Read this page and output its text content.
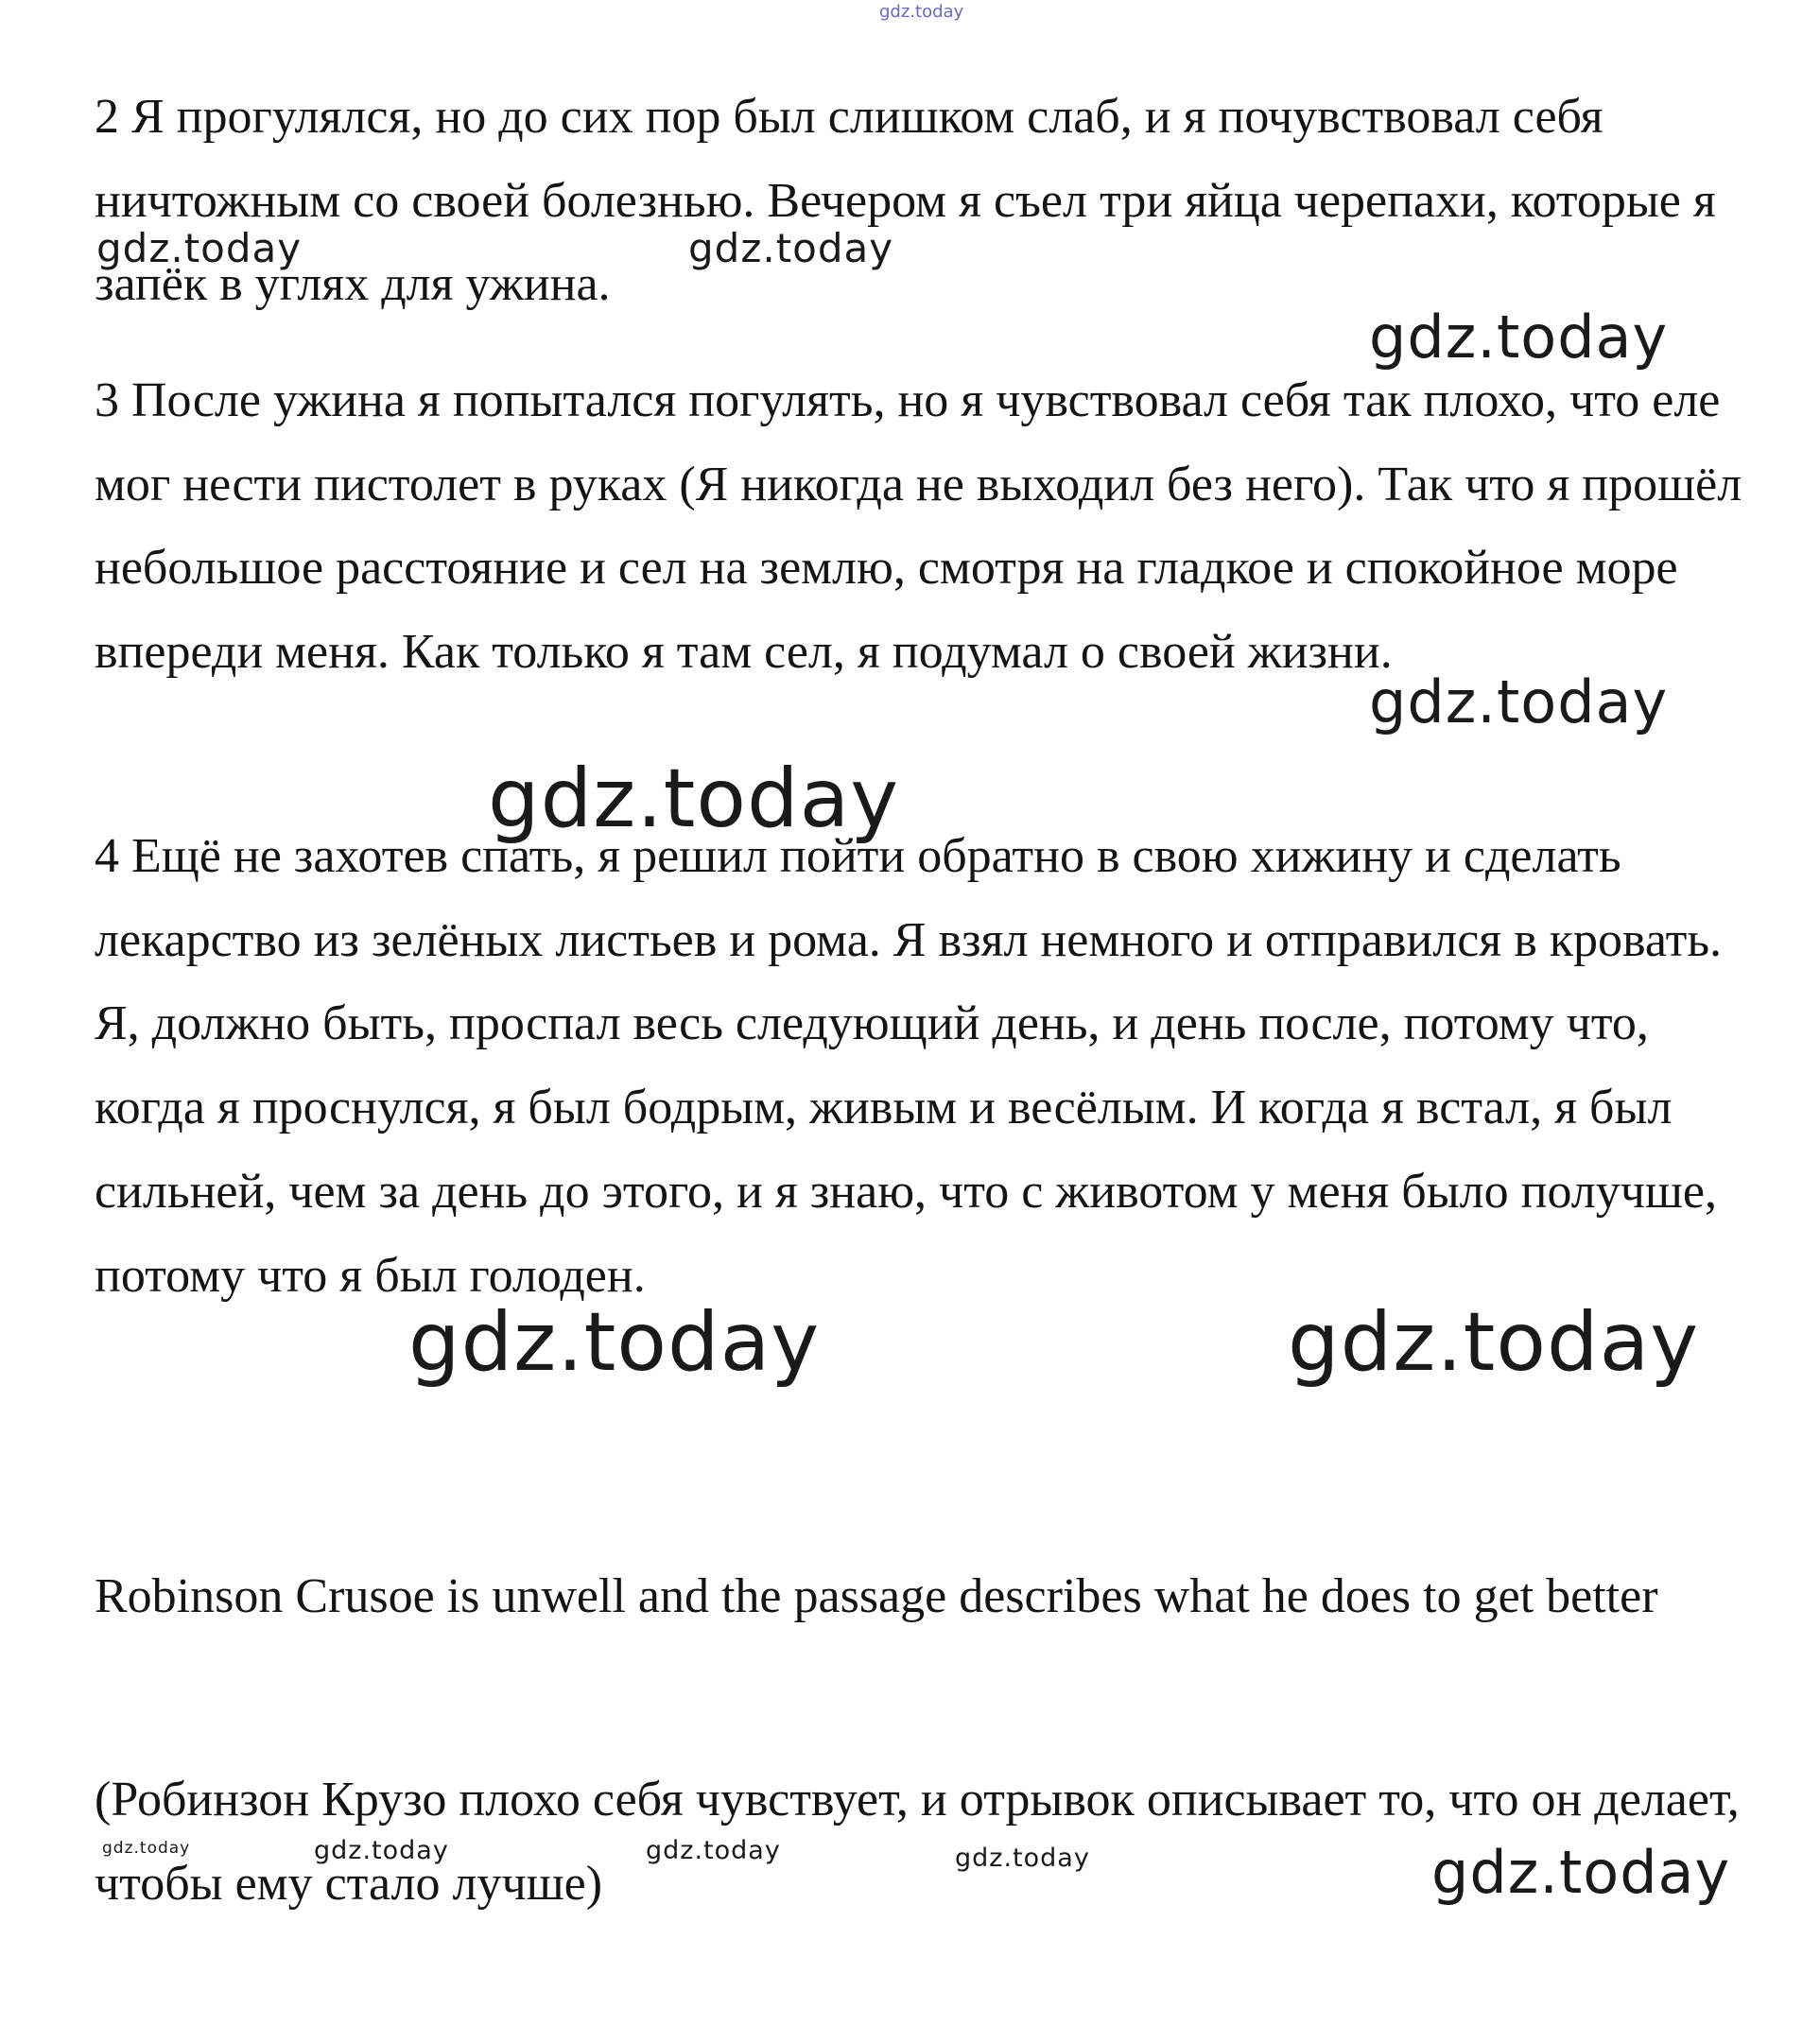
gdz.today

2 Я прогулялся, но до сих пор был слишком слаб, и я почувствовал себя ничтожным со своей болезнью. Вечером я съел три яйца черепахи, которые я запёк в углях для ужина.

3 После ужина я попытался погулять, но я чувствовал себя так плохо, что еле мог нести пистолет в руках (Я никогда не выходил без него). Так что я прошёл небольшое расстояние и сел на землю, смотря на гладкое и спокойное море впереди меня. Как только я там сел, я подумал о своей жизни.

4 Ещё не захотев спать, я решил пойти обратно в свою хижину и сделать лекарство из зелёных листьев и рома. Я взял немного и отправился в кровать. Я, должно быть, проспал весь следующий день, и день после, потому что, когда я проснулся, я был бодрым, живым и весёлым. И когда я встал, я был сильней, чем за день до этого, и я знаю, что с животом у меня было получше, потому что я был голоден.

Robinson Crusoe is unwell and the passage describes what he does to get better

(Робинзон Крузо плохо себя чувствует, и отрывок описывает то, что он делает, чтобы ему стало лучше)

gdz.today	gdz.today
gdz.today
gdz.today
gdz.today
gdz.today	gdz.today
gdz.today	gdz.today	gdz.today	gdz.today	gdz.today
